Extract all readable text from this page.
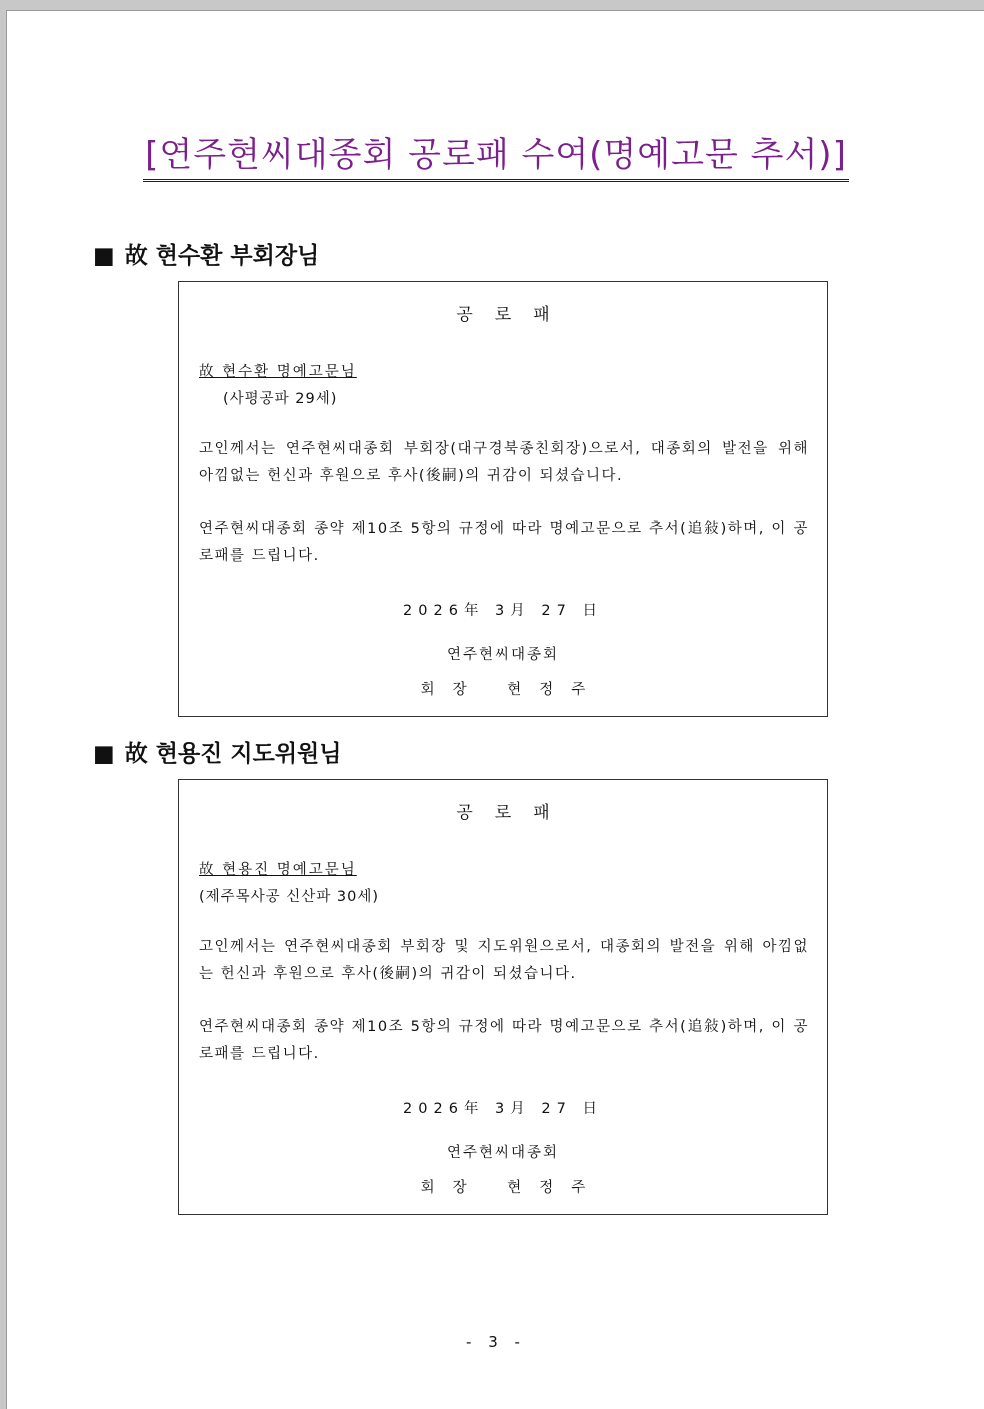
[연주현씨대종회 공로패 수여(명예고문 추서)]
■ 故 현수환 부회장님
공로패
故 현수환 명예고문님
(사평공파 29세)
고인께서는 연주현씨대종회 부회장(대구경북종친회장)으로서, 대종회의 발전을 위해 아낌없는 헌신과 후원으로 후사(後嗣)의 귀감이 되셨습니다.
연주현씨대종회 종약 제10조 5항의 규정에 따라 명예고문으로 추서(追敍)하며, 이 공로패를 드립니다.
2026年 3月 27 日
연주현씨대종회
회장 현정주
■ 故 현용진 지도위원님
공로패
故 현용진 명예고문님
(제주목사공 신산파 30세)
고인께서는 연주현씨대종회 부회장 및 지도위원으로서, 대종회의 발전을 위해 아낌없는 헌신과 후원으로 후사(後嗣)의 귀감이 되셨습니다.
연주현씨대종회 종약 제10조 5항의 규정에 따라 명예고문으로 추서(追敍)하며, 이 공로패를 드립니다.
2026年 3月 27 日
연주현씨대종회
회장 현정주
- 3 -
